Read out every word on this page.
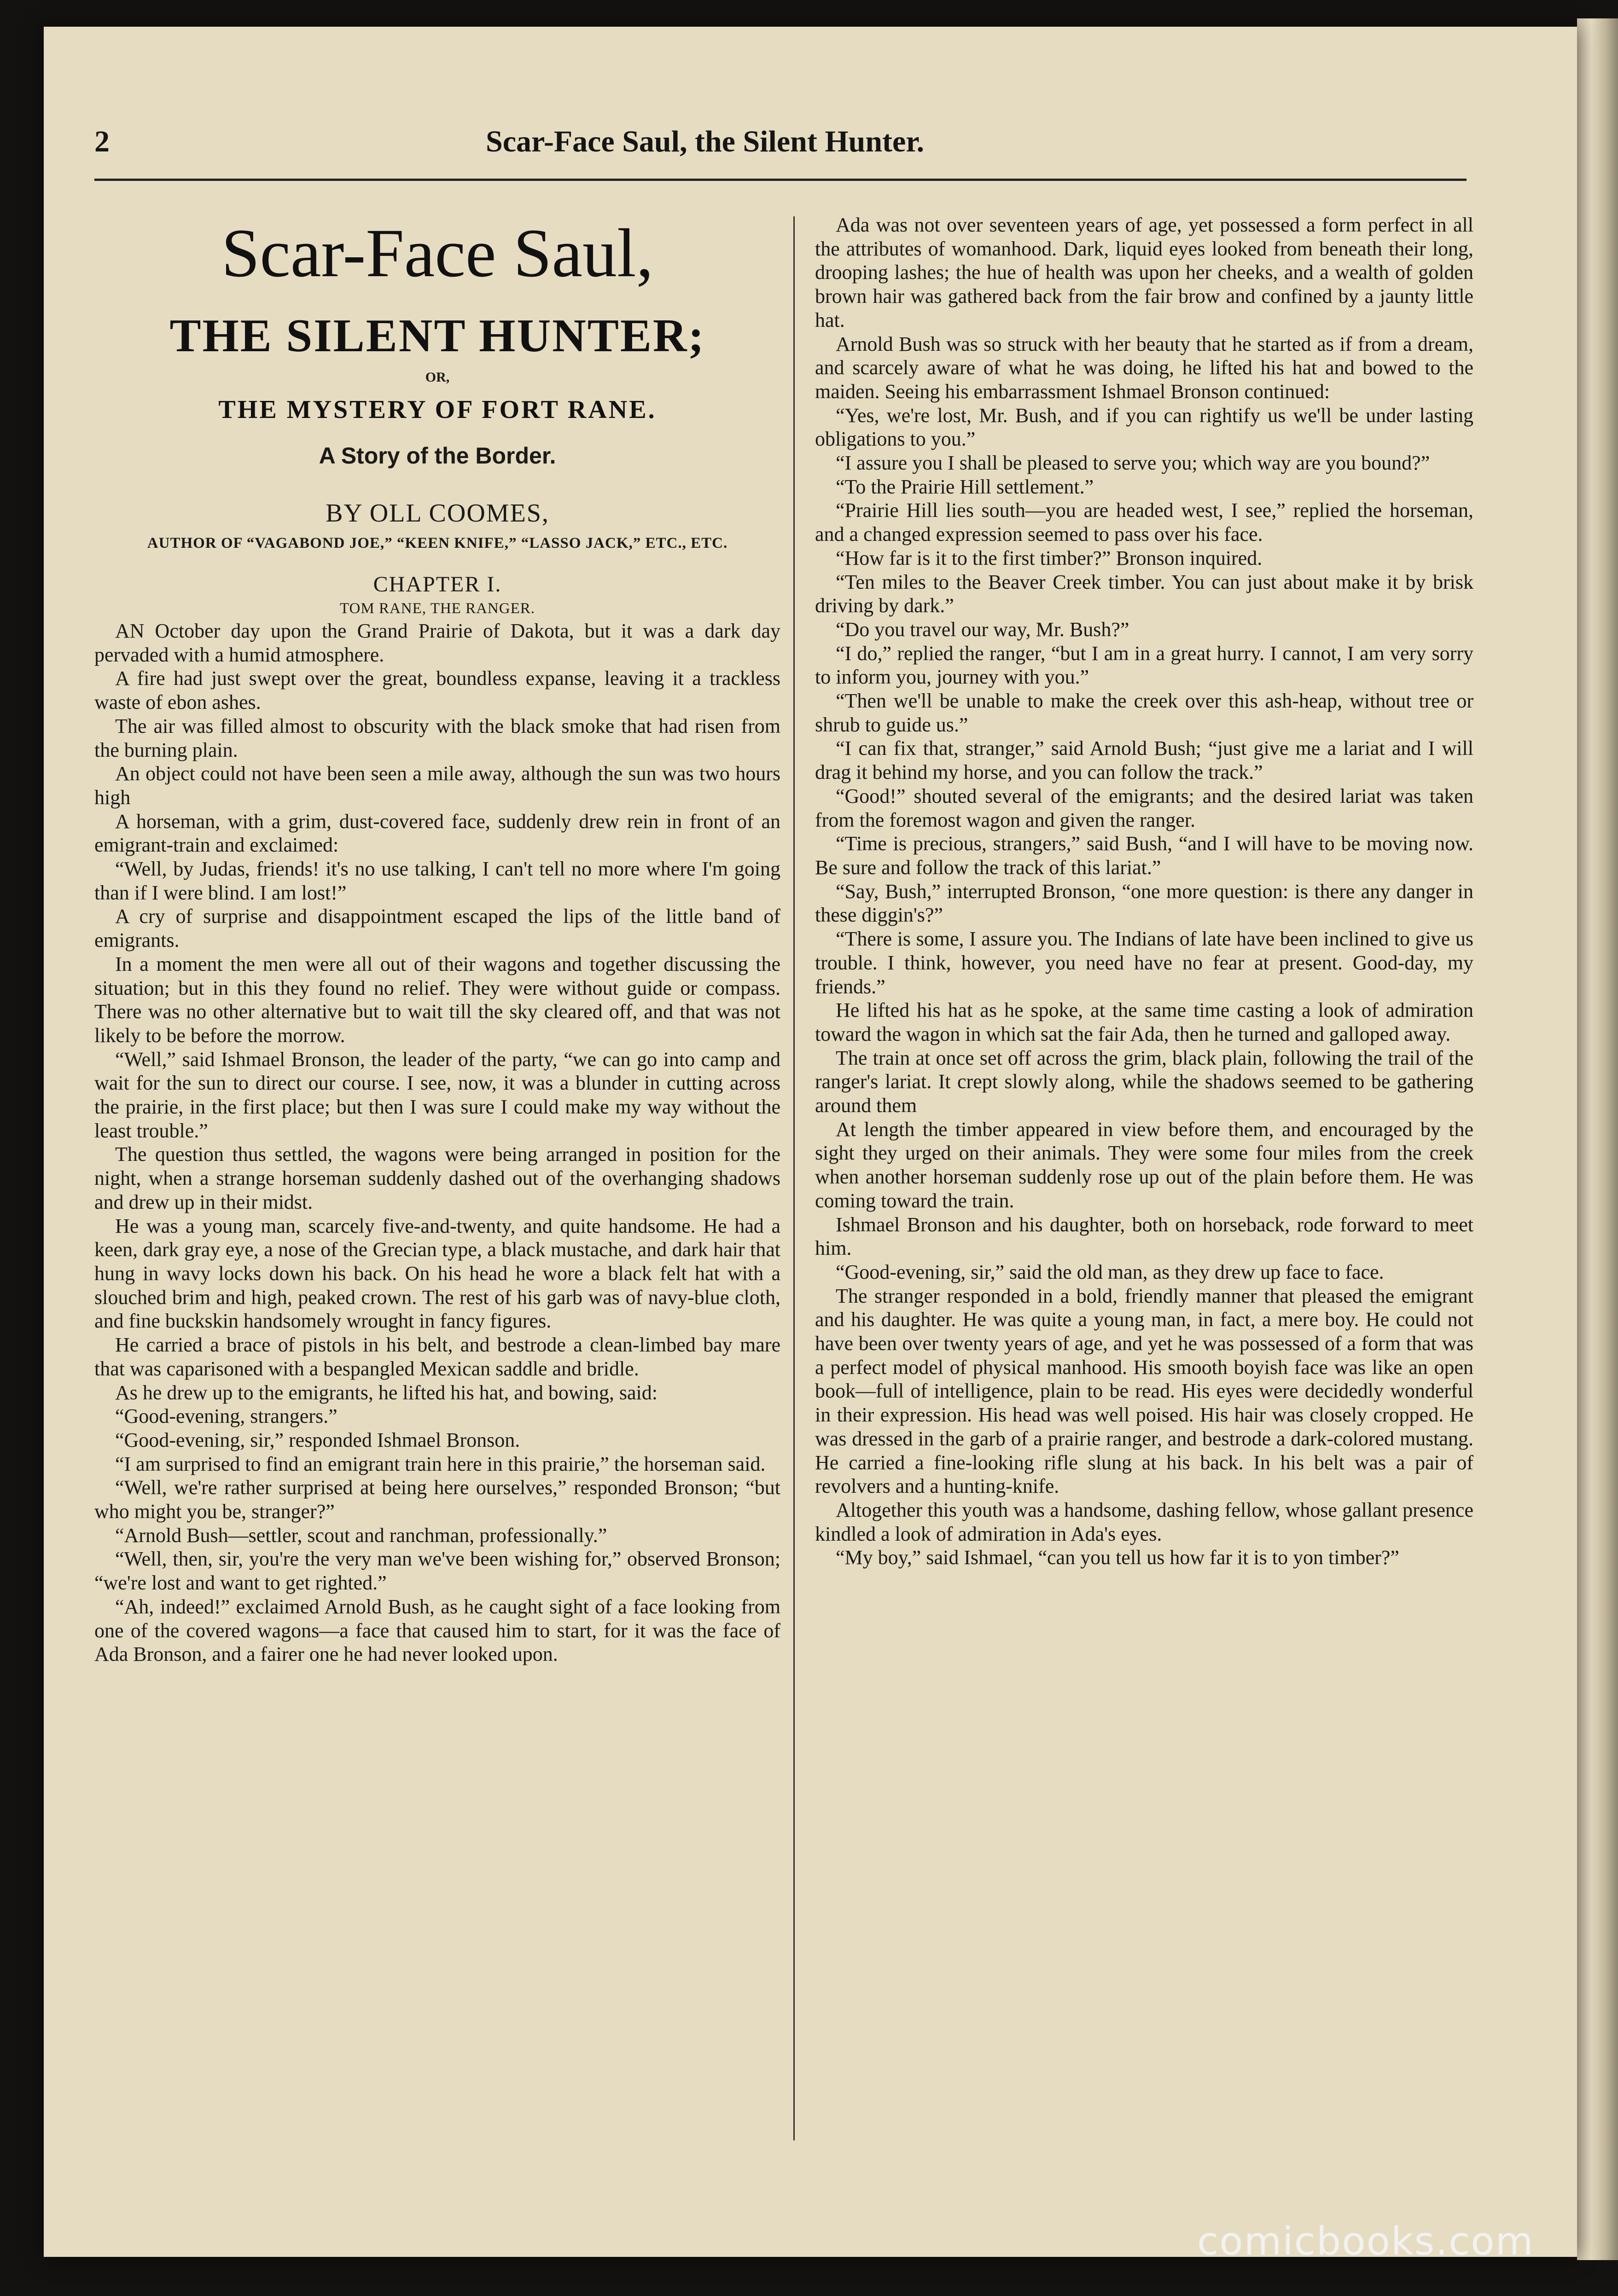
2	Scar-Face Saul, the Silent Hunter.
Scar-Face Saul,
THE SILENT HUNTER;
OR,
THE MYSTERY OF FORT RANE.
A Story of the Border.
BY OLL COOMES,
AUTHOR OF “VAGABOND JOE,” “KEEN KNIFE,” “LASSO JACK,” ETC., ETC.
CHAPTER I.
TOM RANE, THE RANGER.

AN October day upon the Grand Prairie of Dakota, but it was a dark day pervaded with a humid atmosphere.

A fire had just swept over the great, boundless expanse, leaving it a trackless waste of ebon ashes.

The air was filled almost to obscurity with the black smoke that had risen from the burning plain.

An object could not have been seen a mile away, although the sun was two hours high

A horseman, with a grim, dust-covered face, suddenly drew rein in front of an emigrant-train and exclaimed:

“Well, by Judas, friends! it's no use talking, I can't tell no more where I'm going than if I were blind. I am lost!”

A cry of surprise and disappointment escaped the lips of the little band of emigrants.

In a moment the men were all out of their wagons and together discussing the situation; but in this they found no relief. They were without guide or compass. There was no other alternative but to wait till the sky cleared off, and that was not likely to be before the morrow.

“Well,” said Ishmael Bronson, the leader of the party, “we can go into camp and wait for the sun to direct our course. I see, now, it was a blunder in cutting across the prairie, in the first place; but then I was sure I could make my way without the least trouble.”

The question thus settled, the wagons were being arranged in position for the night, when a strange horseman suddenly dashed out of the overhanging shadows and drew up in their midst.

He was a young man, scarcely five-and-twenty, and quite handsome. He had a keen, dark gray eye, a nose of the Grecian type, a black mustache, and dark hair that hung in wavy locks down his back. On his head he wore a black felt hat with a slouched brim and high, peaked crown. The rest of his garb was of navy-blue cloth, and fine buckskin handsomely wrought in fancy figures.

He carried a brace of pistols in his belt, and bestrode a clean-limbed bay mare that was caparisoned with a bespangled Mexican saddle and bridle.

As he drew up to the emigrants, he lifted his hat, and bowing, said:

“Good-evening, strangers.”

“Good-evening, sir,” responded Ishmael Bronson.

“I am surprised to find an emigrant train here in this prairie,” the horseman said.

“Well, we're rather surprised at being here ourselves,” responded Bronson; “but who might you be, stranger?”

“Arnold Bush—settler, scout and ranchman, professionally.”

“Well, then, sir, you're the very man we've been wishing for,” observed Bronson; “we're lost and want to get righted.”

“Ah, indeed!” exclaimed Arnold Bush, as he caught sight of a face looking from one of the covered wagons—a face that caused him to start, for it was the face of Ada Bronson, and a fairer one he had never looked upon.

Ada was not over seventeen years of age, yet possessed a form perfect in all the attributes of womanhood. Dark, liquid eyes looked from beneath their long, drooping lashes; the hue of health was upon her cheeks, and a wealth of golden brown hair was gathered back from the fair brow and confined by a jaunty little hat.

Arnold Bush was so struck with her beauty that he started as if from a dream, and scarcely aware of what he was doing, he lifted his hat and bowed to the maiden. Seeing his embarrassment Ishmael Bronson continued:

“Yes, we're lost, Mr. Bush, and if you can rightify us we'll be under lasting obligations to you.”

“I assure you I shall be pleased to serve you; which way are you bound?”

“To the Prairie Hill settlement.”

“Prairie Hill lies south—you are headed west, I see,” replied the horseman, and a changed expression seemed to pass over his face.

“How far is it to the first timber?” Bronson inquired.

“Ten miles to the Beaver Creek timber. You can just about make it by brisk driving by dark.”

“Do you travel our way, Mr. Bush?”

“I do,” replied the ranger, “but I am in a great hurry. I cannot, I am very sorry to inform you, journey with you.”

“Then we'll be unable to make the creek over this ash-heap, without tree or shrub to guide us.”

“I can fix that, stranger,” said Arnold Bush; “just give me a lariat and I will drag it behind my horse, and you can follow the track.”

“Good!” shouted several of the emigrants; and the desired lariat was taken from the foremost wagon and given the ranger.

“Time is precious, strangers,” said Bush, “and I will have to be moving now. Be sure and follow the track of this lariat.”

“Say, Bush,” interrupted Bronson, “one more question: is there any danger in these diggin's?”

“There is some, I assure you. The Indians of late have been inclined to give us trouble. I think, however, you need have no fear at present. Good-day, my friends.”

He lifted his hat as he spoke, at the same time casting a look of admiration toward the wagon in which sat the fair Ada, then he turned and galloped away.

The train at once set off across the grim, black plain, following the trail of the ranger's lariat. It crept slowly along, while the shadows seemed to be gathering around them

At length the timber appeared in view before them, and encouraged by the sight they urged on their animals. They were some four miles from the creek when another horseman suddenly rose up out of the plain before them. He was coming toward the train.

Ishmael Bronson and his daughter, both on horseback, rode forward to meet him.

“Good-evening, sir,” said the old man, as they drew up face to face.

The stranger responded in a bold, friendly manner that pleased the emigrant and his daughter. He was quite a young man, in fact, a mere boy. He could not have been over twenty years of age, and yet he was possessed of a form that was a perfect model of physical manhood. His smooth boyish face was like an open book—full of intelligence, plain to be read. His eyes were decidedly wonderful in their expression. His head was well poised. His hair was closely cropped. He was dressed in the garb of a prairie ranger, and bestrode a dark-colored mustang. He carried a fine-looking rifle slung at his back. In his belt was a pair of revolvers and a hunting-knife.

Altogether this youth was a handsome, dashing fellow, whose gallant presence kindled a look of admiration in Ada's eyes.

“My boy,” said Ishmael, “can you tell us how far it is to yon timber?”

comicbooks.com
